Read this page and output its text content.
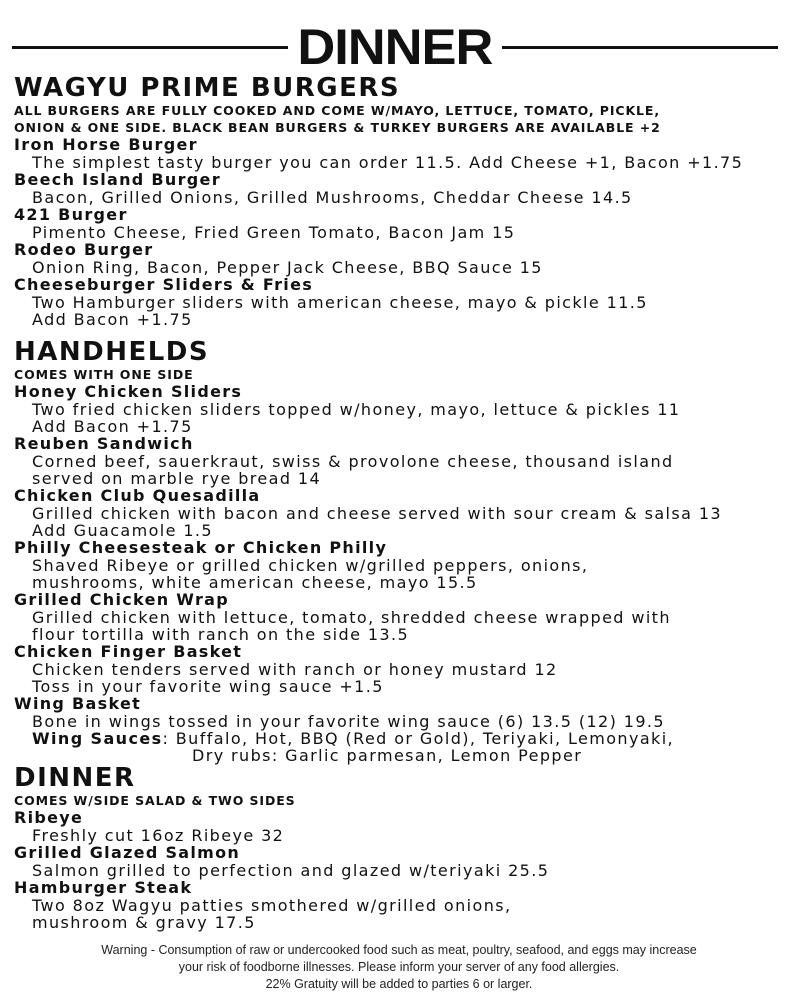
DINNER
WAGYU PRIME BURGERS
ALL BURGERS ARE FULLY COOKED AND COME W/MAYO, LETTUCE, TOMATO, PICKLE,
ONION & ONE SIDE. BLACK BEAN BURGERS & TURKEY BURGERS ARE AVAILABLE +2
Iron Horse Burger
The simplest tasty burger you can order 11.5. Add Cheese +1, Bacon +1.75
Beech Island Burger
Bacon, Grilled Onions, Grilled Mushrooms, Cheddar Cheese 14.5
421 Burger
Pimento Cheese, Fried Green Tomato, Bacon Jam 15
Rodeo Burger
Onion Ring, Bacon, Pepper Jack Cheese, BBQ Sauce 15
Cheeseburger Sliders & Fries
Two Hamburger sliders with american cheese, mayo & pickle 11.5
Add Bacon +1.75
HANDHELDS
COMES WITH ONE SIDE
Honey Chicken Sliders
Two fried chicken sliders topped w/honey, mayo, lettuce & pickles 11
Add Bacon +1.75
Reuben Sandwich
Corned beef, sauerkraut, swiss & provolone cheese, thousand island
served on marble rye bread 14
Chicken Club Quesadilla
Grilled chicken with bacon and cheese served with sour cream & salsa 13
Add Guacamole 1.5
Philly Cheesesteak or Chicken Philly
Shaved Ribeye or grilled chicken w/grilled peppers, onions,
mushrooms, white american cheese, mayo 15.5
Grilled Chicken Wrap
Grilled chicken with lettuce, tomato, shredded cheese wrapped with
flour tortilla with ranch on the side 13.5
Chicken Finger Basket
Chicken tenders served with ranch or honey mustard 12
Toss in your favorite wing sauce +1.5
Wing Basket
Bone in wings tossed in your favorite wing sauce (6) 13.5 (12) 19.5
Wing Sauces: Buffalo, Hot, BBQ (Red or Gold), Teriyaki, Lemonyaki,
Dry rubs: Garlic parmesan, Lemon Pepper
DINNER
COMES W/SIDE SALAD & TWO SIDES
Ribeye
Freshly cut 16oz Ribeye 32
Grilled Glazed Salmon
Salmon grilled to perfection and glazed w/teriyaki 25.5
Hamburger Steak
Two 8oz Wagyu patties smothered w/grilled onions,
mushroom & gravy 17.5
Warning - Consumption of raw or undercooked food such as meat, poultry, seafood, and eggs may increase
your risk of foodborne illnesses. Please inform your server of any food allergies.
22% Gratuity will be added to parties 6 or larger.
